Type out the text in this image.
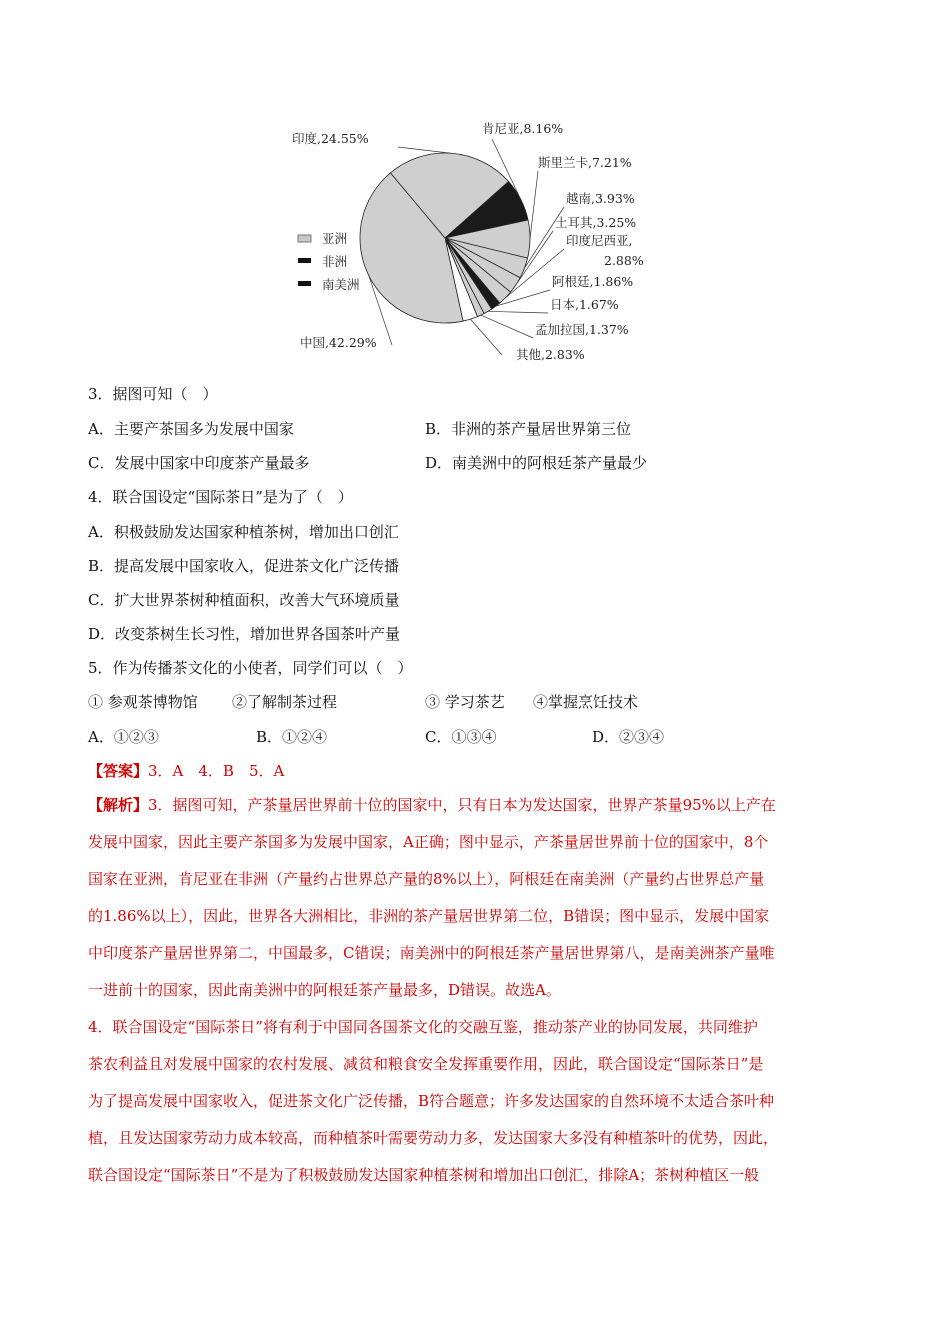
印度,24.55%
肯尼亚,8.16%
斯里兰卡,7.21%
越南,3.93%
土耳其,3.25%
印度尼西亚,
2.88%
阿根廷,1.86%
日本,1.67%
孟加拉国,1.37%
其他,2.83%
中国,42.29%
亚洲
非洲
南美洲
3．据图可知（　）
A．主要产茶国多为发展中国家	B．非洲的茶产量居世界第三位
C．发展中国家中印度茶产量最多	D．南美洲中的阿根廷茶产量最少
4．联合国设定“国际茶日”是为了（　）
A．积极鼓励发达国家种植茶树，增加出口创汇
B．提高发展中国家收入，促进茶文化广泛传播
C．扩大世界茶树种植面积，改善大气环境质量
D．改变茶树生长习性，增加世界各国茶叶产量
5．作为传播茶文化的小使者，同学们可以（　）
① 参观茶博物馆 ②了解制茶过程	③ 学习茶艺 ④掌握烹饪技术
A．①②③	B．①②④	C．①③④	D．②③④
【答案】3．A　4．B　5．A
【解析】3．据图可知，产茶量居世界前十位的国家中，只有日本为发达国家，世界产茶量95%以上产在
发展中国家，因此主要产茶国多为发展中国家，A正确；图中显示，产茶量居世界前十位的国家中，8个
国家在亚洲，肯尼亚在非洲（产量约占世界总产量的8%以上），阿根廷在南美洲（产量约占世界总产量
的1.86%以上），因此，世界各大洲相比，非洲的茶产量居世界第二位，B错误；图中显示，发展中国家
中印度茶产量居世界第二，中国最多，C错误；南美洲中的阿根廷茶产量居世界第八，是南美洲茶产量唯
一进前十的国家，因此南美洲中的阿根廷茶产量最多，D错误。故选A。
4．联合国设定“国际茶日”将有利于中国同各国茶文化的交融互鉴，推动茶产业的协同发展，共同维护
茶农利益且对发展中国家的农村发展、减贫和粮食安全发挥重要作用，因此，联合国设定“国际茶日”是
为了提高发展中国家收入，促进茶文化广泛传播，B符合题意；许多发达国家的自然环境不太适合茶叶种
植，且发达国家劳动力成本较高，而种植茶叶需要劳动力多，发达国家大多没有种植茶叶的优势，因此，
联合国设定“国际茶日”不是为了积极鼓励发达国家种植茶树和增加出口创汇，排除A；茶树种植区一般
